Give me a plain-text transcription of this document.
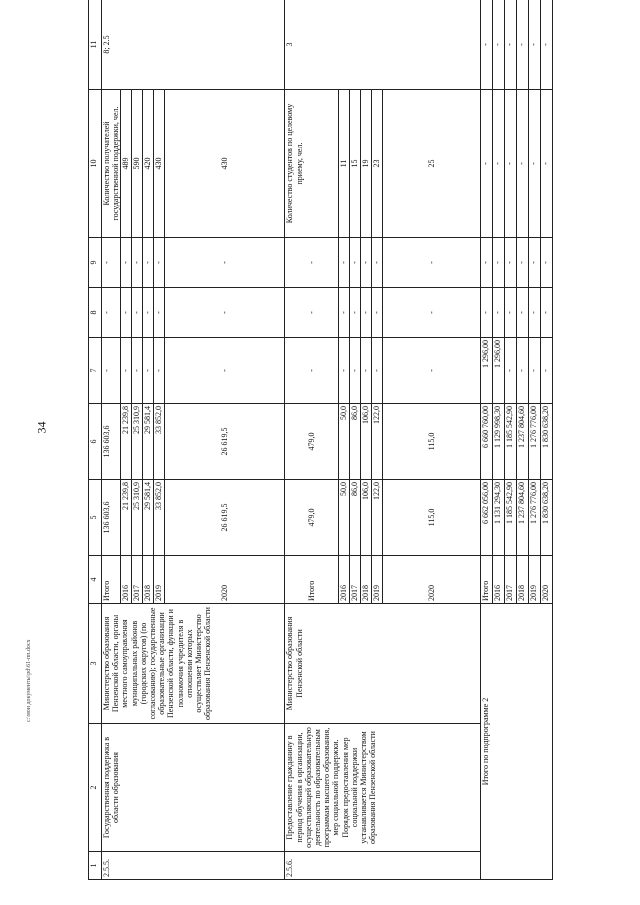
34
c:\мои документы\pd\61-пп.docx
1	2	3	4	5	6	7	8	9	10	11
2.5.5.	Государственная поддержка в области образования	Министерство образования Пензенской области, органы местного самоуправления муниципальных районов (городских округов) (по согласованию); государственные образовательные организации Пензенской области, функции и полномочия учредителя в отношении которых осуществляет Министерство образования Пензенской области	Итого	136 603,6	136 603,6	-	-	-	Количество получателей государственной поддержки, чел.	8; 2.5
			2016	21 239,8	21 239,8	-	-	-	489	
			2017	25 310,9	25 310,9	-	-	-	590	
			2018	29 581,4	29 581,4	-	-	-	420	
			2019	33 852,0	33 852,0	-	-	-	430	
			2020	26 619,5	26 619,5	-	-	-	430	
2.5.6.	Предоставление гражданину в период обучения в организации, осуществляющей образовательную деятельность по образовательным программам высшего образования, мер социальной поддержки. Порядок предоставления мер социальной поддержки устанавливается Министерством образования Пензенской области	Министерство образования Пензенской области	Итого	479,0	479,0	-	-	-	Количество студентов по целевому приему, чел.	3
			2016	50,0	50,0	-	-	-	11	
			2017	86,0	86,0	-	-	-	15	
			2018	106,0	106,0	-	-	-	19	
			2019	122,0	122,0	-	-	-	23	
			2020	115,0	115,0	-	-	-	25	
Итого по подпрограмме 2			Итого	6 662 056,00	6 660 760,00	1 296,00	-	-	-	-
			2016	1 131 294,30	1 129 998,30	1 296,00	-	-	-	-
			2017	1 185 542,90	1 185 542,90	-	-	-	-	-
			2018	1 237 804,60	1 237 804,60	-	-	-	-	-
			2019	1 276 776,00	1 276 776,00	-	-	-	-	-
			2020	1 830 638,20	1 830 638,20	-	-	-	-	-
